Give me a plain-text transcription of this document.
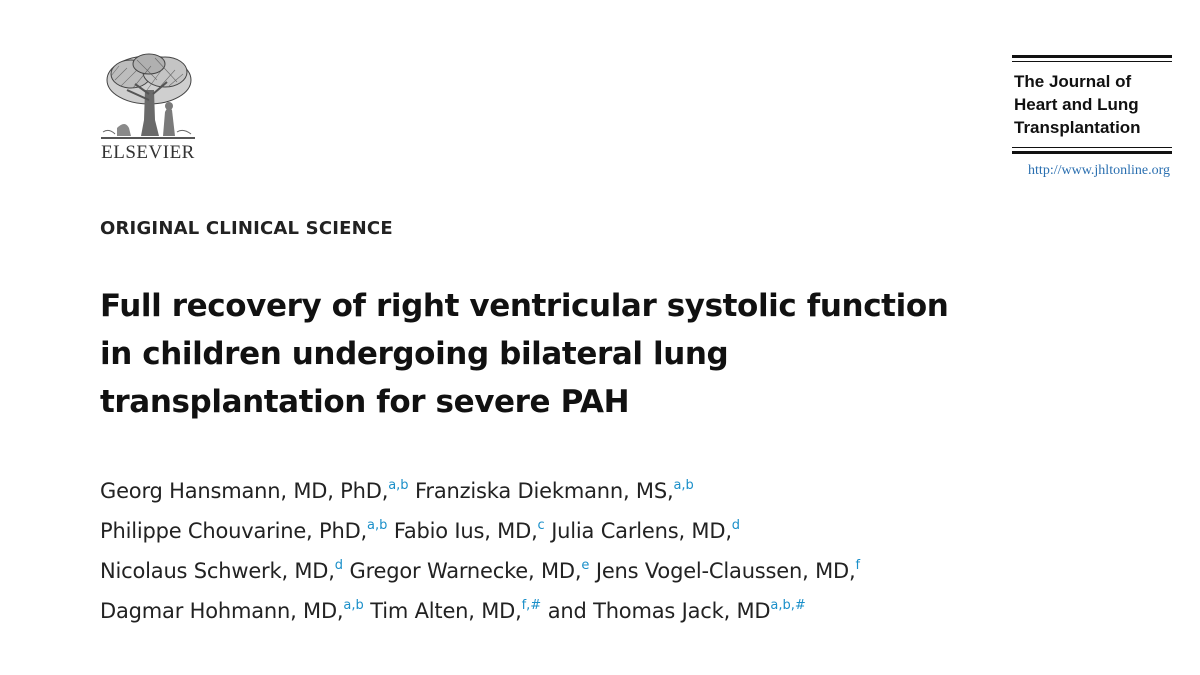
ELSEVIER
The Journal of
Heart and Lung
Transplantation
http://www.jhltonline.org
ORIGINAL CLINICAL SCIENCE
Full recovery of right ventricular systolic function
in children undergoing bilateral lung
transplantation for severe PAH
Georg Hansmann, MD, PhD,$^{a,b}$ Franziska Diekmann, MS,$^{a,b}$
Philippe Chouvarine, PhD,$^{a,b}$ Fabio Ius, MD,$^c$ Julia Carlens, MD,$^d$
Nicolaus Schwerk, MD,$^d$ Gregor Warnecke, MD,$^e$ Jens Vogel-Claussen, MD,$^f$
Dagmar Hohmann, MD,$^{a,b}$ Tim Alten, MD,$^{f,\#}$ and Thomas Jack, MD$^{a,b,\#}$
